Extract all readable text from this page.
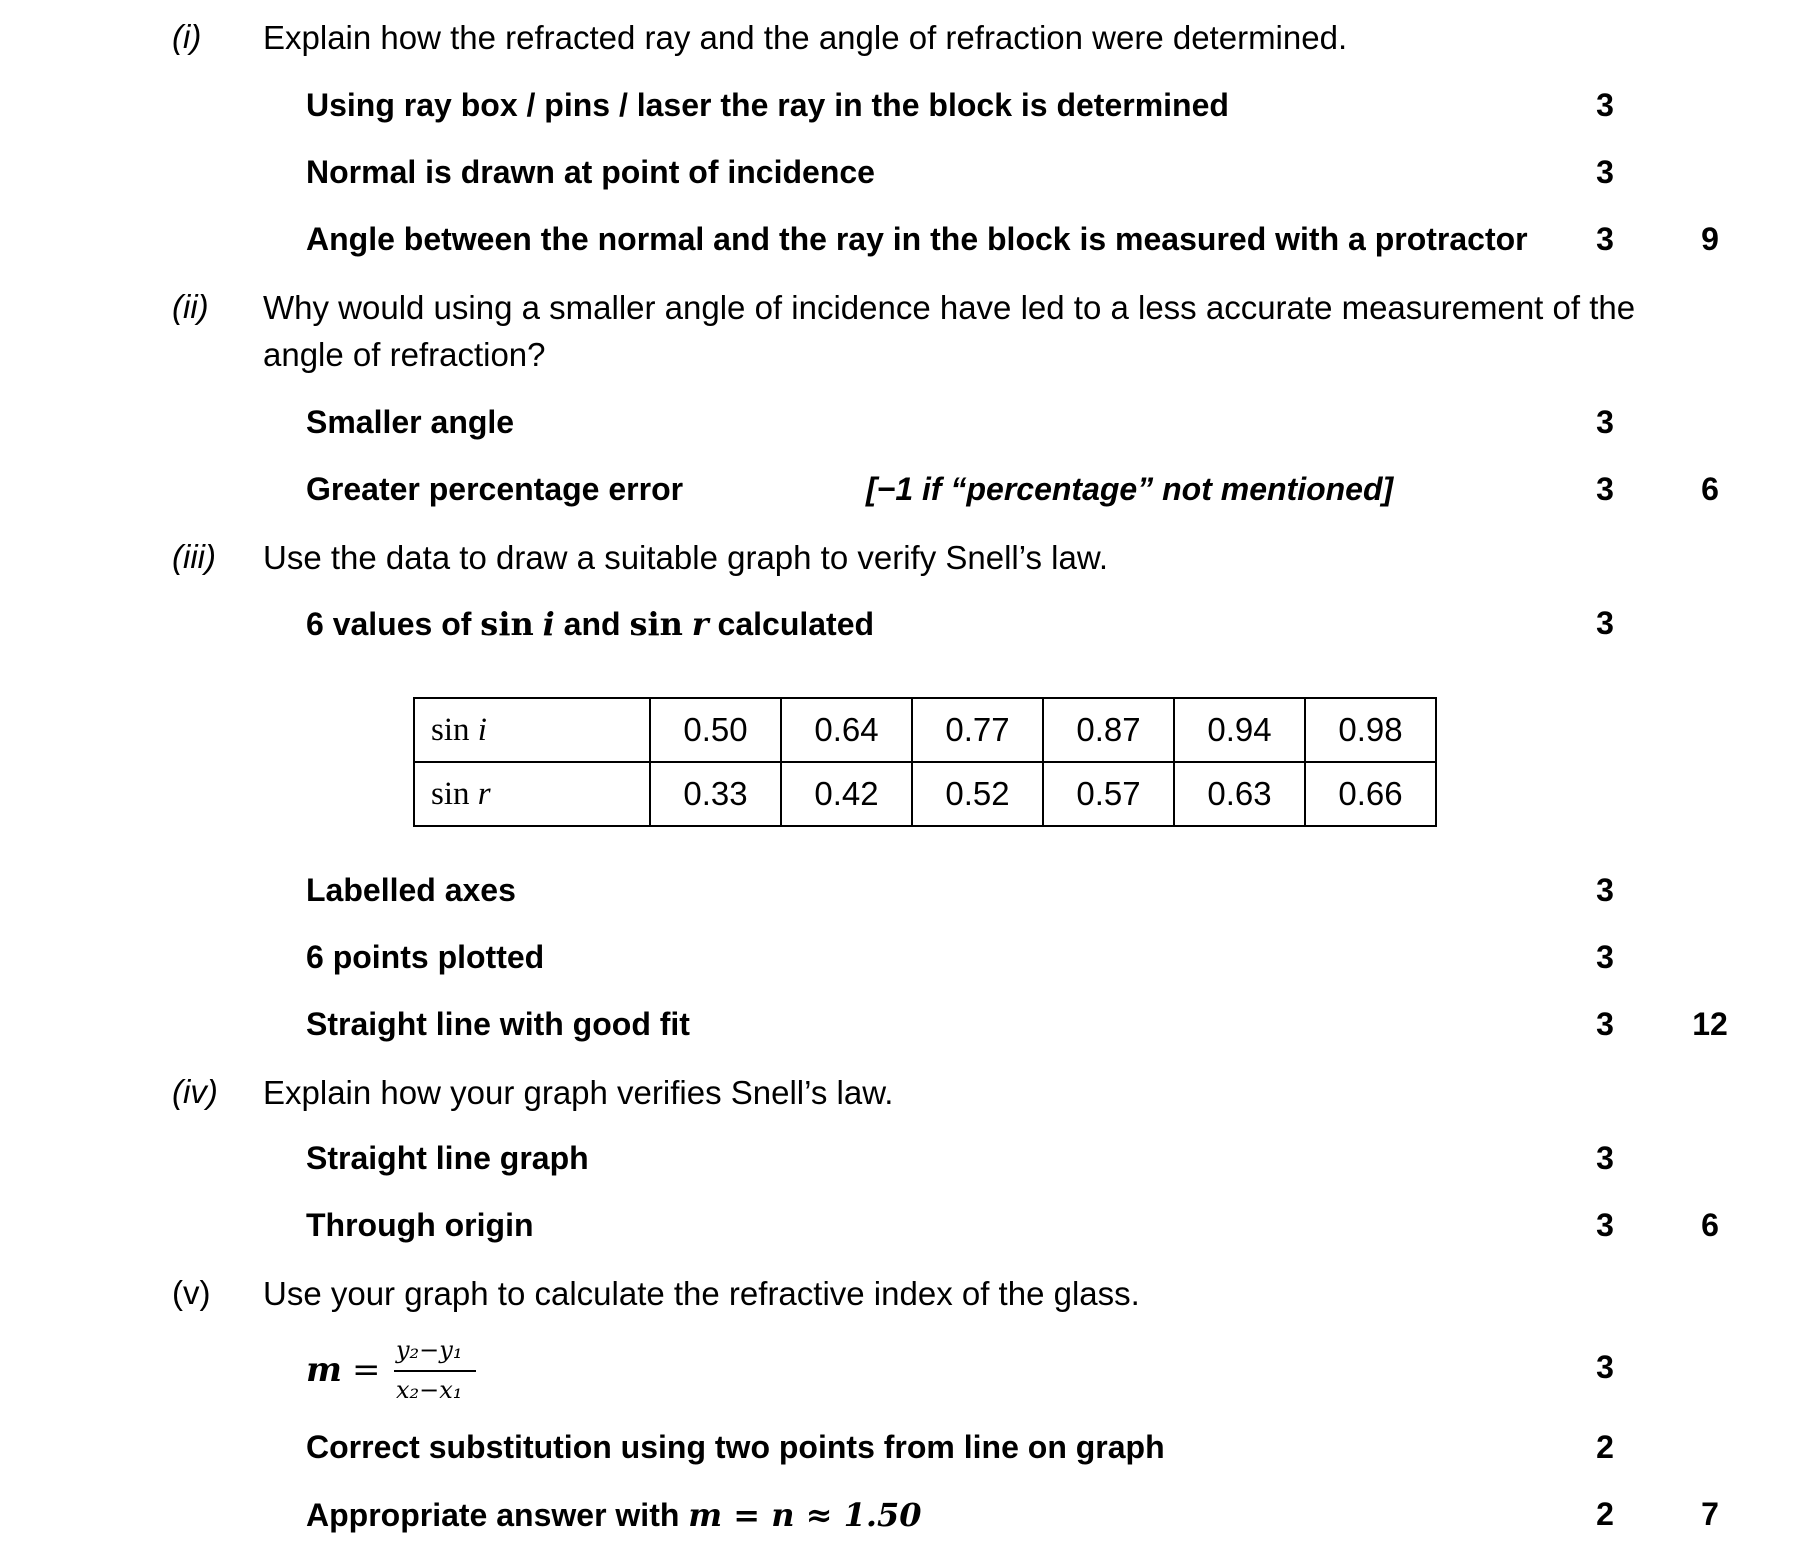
(i) Explain how the refracted ray and the angle of refraction were determined.
Using ray box / pins / laser the ray in the block is determined	3
Normal is drawn at point of incidence	3
Angle between the normal and the ray in the block is measured with a protractor 3	9
(ii) Why would using a smaller angle of incidence have led to a less accurate measurement of the
angle of refraction?
Smaller angle	3
Greater percentage error	[−1 if “percentage” not mentioned]	3	6
(iii) Use the data to draw a suitable graph to verify Snell’s law.
6 values of sin i and sin r calculated	3
sin i	0.50	0.64	0.77	0.87	0.94	0.98
sin r	0.33	0.42	0.52	0.57	0.63	0.66
Labelled axes	3
6 points plotted	3
Straight line with good fit	3	12
(iv) Explain how your graph verifies Snell’s law.
Straight line graph	3
Through origin	3	6
(v) Use your graph to calculate the refractive index of the glass.
m = y₂−y₁
x₂−x₁
3
Correct substitution using two points from line on graph	2
Appropriate answer with m = n ≈ 1.50	2	7
